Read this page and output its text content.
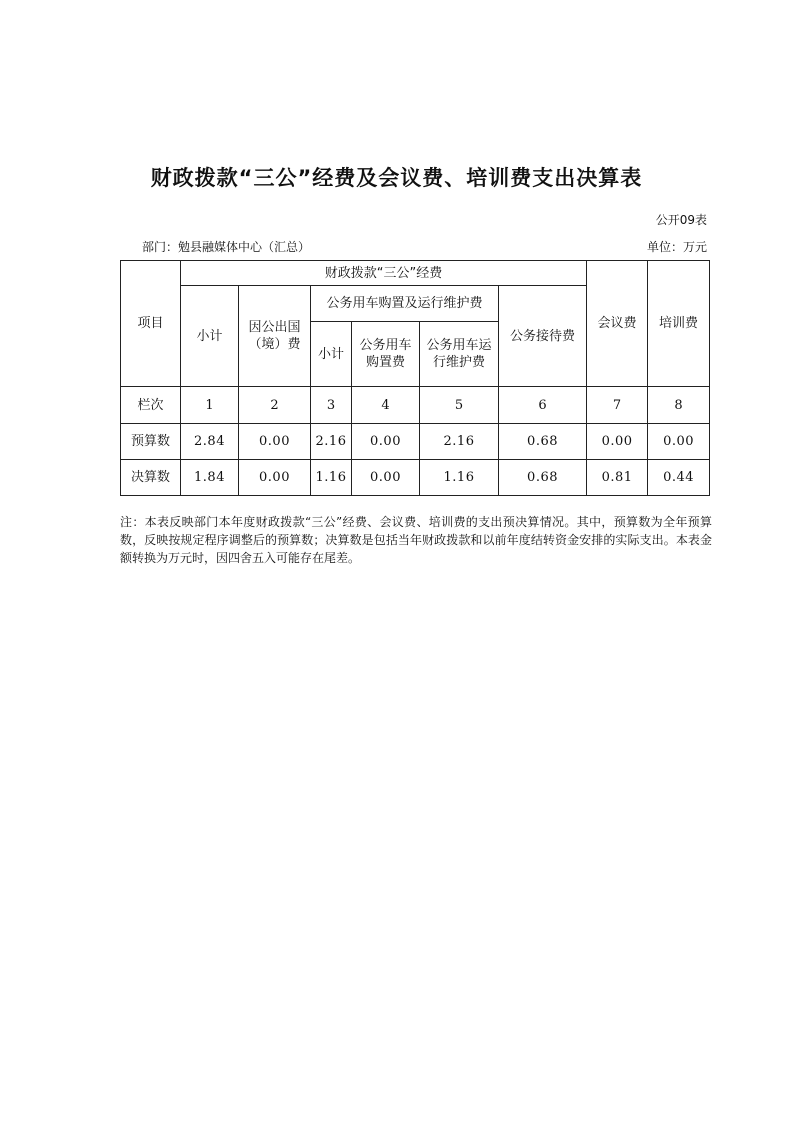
财政拨款“三公”经费及会议费、培训费支出决算表
公开09表
部门：勉县融媒体中心（汇总）	单位：万元
项目	财政拨款“三公”经费						会议费	培训费
	小计	因公出国（境）费	公务用车购置及运行维护费			公务接待费		
			小计	公务用车购置费	公务用车运行维护费			
栏次	1	2	3	4	5	6	7	8
预算数	2.84	0.00	2.16	0.00	2.16	0.68	0.00	0.00
决算数	1.84	0.00	1.16	0.00	1.16	0.68	0.81	0.44
注：本表反映部门本年度财政拨款“三公”经费、会议费、培训费的支出预决算情况。其中，预算数为全年预算数，反映按规定程序调整后的预算数；决算数是包括当年财政拨款和以前年度结转资金安排的实际支出。本表金额转换为万元时，因四舍五入可能存在尾差。
